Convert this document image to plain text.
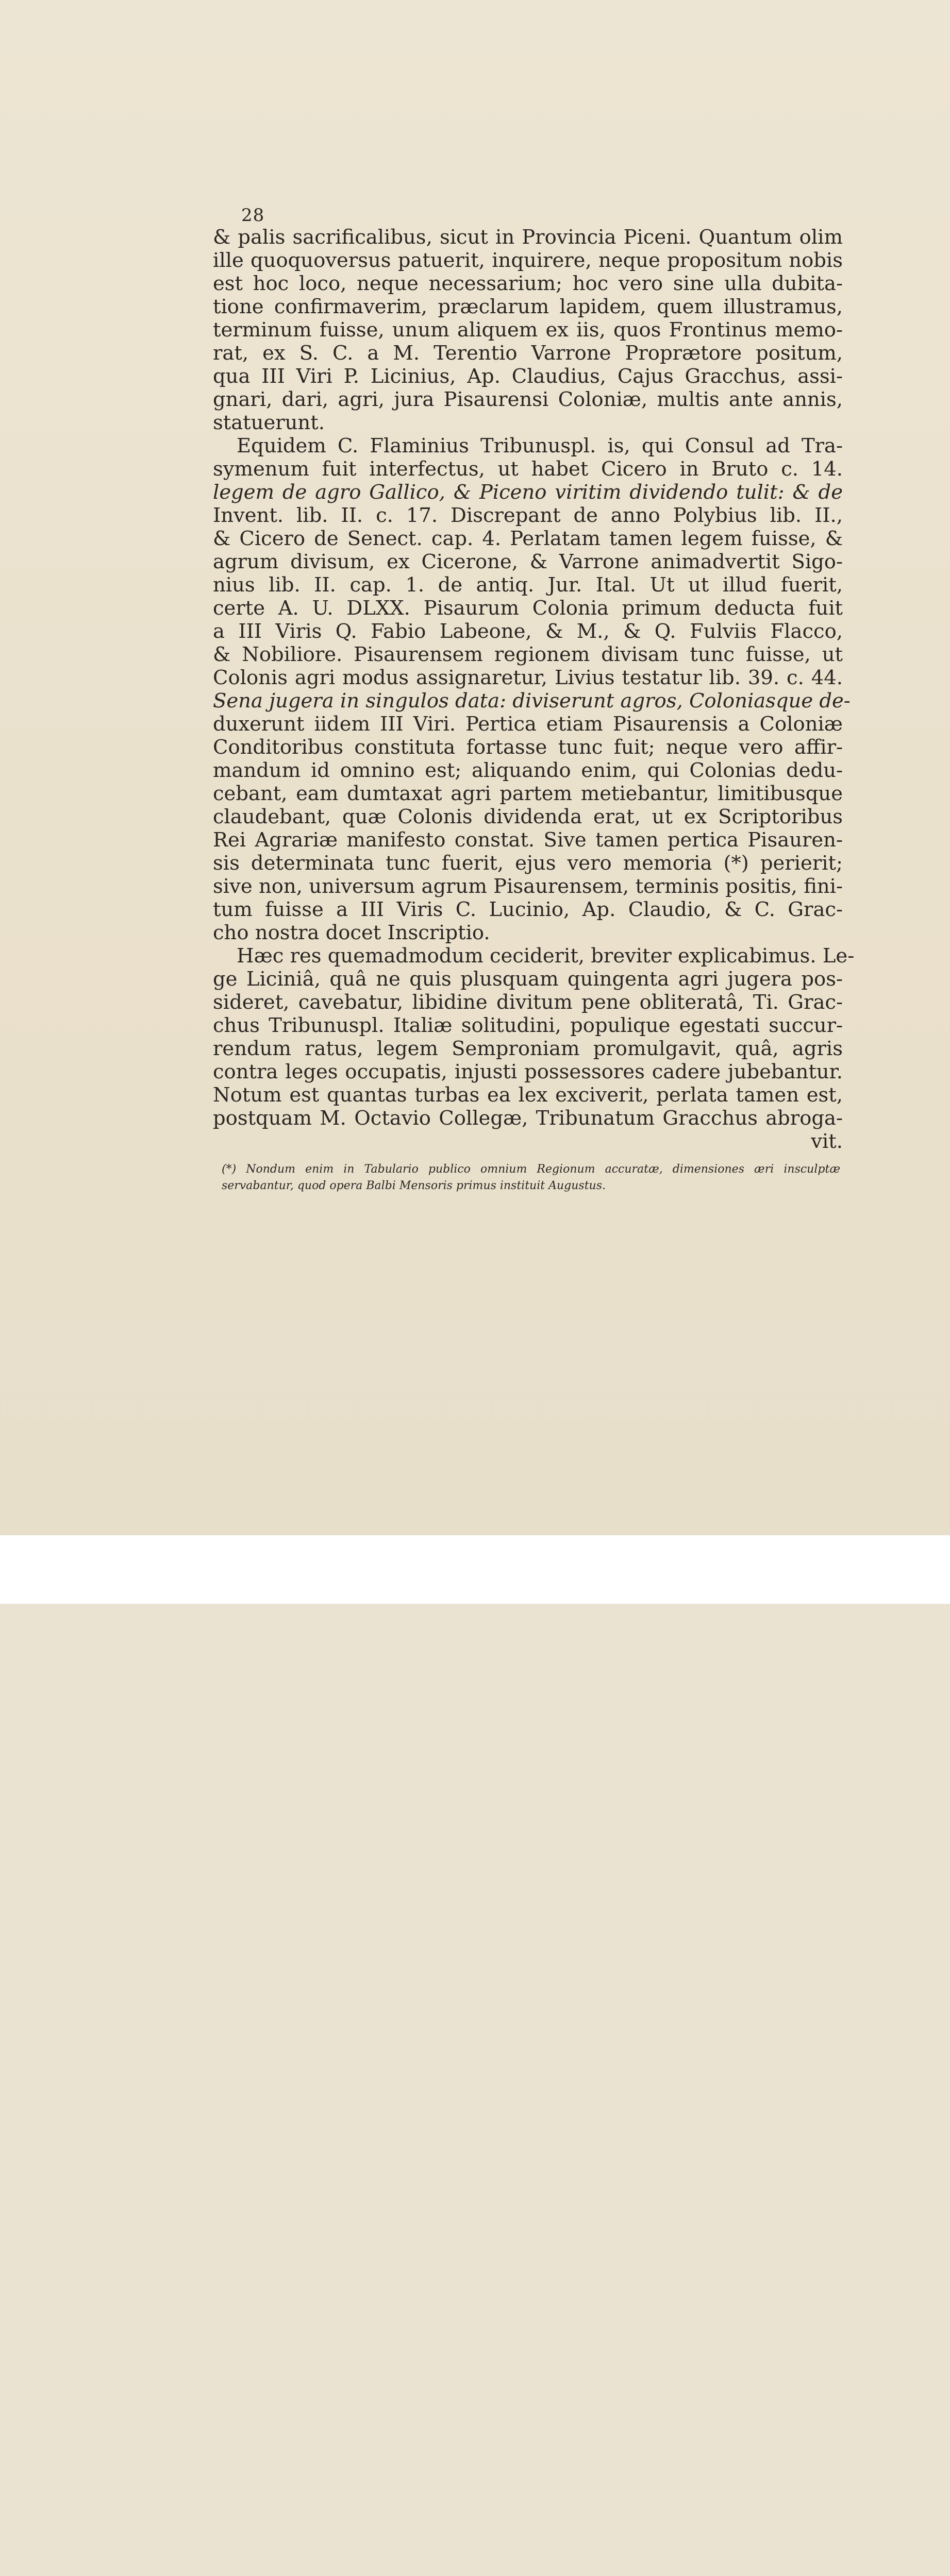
28
& palis sacrificalibus, sicut in Provincia Piceni. Quantum olim
ille quoquoversus patuerit, inquirere, neque propositum nobis
est hoc loco, neque necessarium; hoc vero sine ulla dubita-
tione confirmaverim, præclarum lapidem, quem illustramus,
terminum fuisse, unum aliquem ex iis, quos Frontinus memo-
rat, ex S. C. a M. Terentio Varrone Proprætore positum,
qua III Viri P. Licinius, Ap. Claudius, Cajus Gracchus, assi-
gnari, dari, agri, jura Pisaurensi Coloniæ, multis ante annis,
statuerunt.
Equidem C. Flaminius Tribunuspl. is, qui Consul ad Tra-
symenum fuit interfectus, ut habet Cicero in Bruto c. 14.
legem de agro Gallico, & Piceno viritim dividendo tulit: & de
Invent. lib. II. c. 17. Discrepant de anno Polybius lib. II.,
& Cicero de Senect. cap. 4. Perlatam tamen legem fuisse, &
agrum divisum, ex Cicerone, & Varrone animadvertit Sigo-
nius lib. II. cap. 1. de antiq. Jur. Ital. Ut ut illud fuerit,
certe A. U. DLXX. Pisaurum Colonia primum deducta fuit
a III Viris Q. Fabio Labeone, & M., & Q. Fulviis Flacco,
& Nobiliore. Pisaurensem regionem divisam tunc fuisse, ut
Colonis agri modus assignaretur, Livius testatur lib. 39. c. 44.
Sena jugera in singulos data: diviserunt agros, Coloniasque de-
duxerunt iidem III Viri. Pertica etiam Pisaurensis a Coloniæ
Conditoribus constituta fortasse tunc fuit; neque vero affir-
mandum id omnino est; aliquando enim, qui Colonias dedu-
cebant, eam dumtaxat agri partem metiebantur, limitibusque
claudebant, quæ Colonis dividenda erat, ut ex Scriptoribus
Rei Agrariæ manifesto constat. Sive tamen pertica Pisauren-
sis determinata tunc fuerit, ejus vero memoria (*) perierit;
sive non, universum agrum Pisaurensem, terminis positis, fini-
tum fuisse a III Viris C. Lucinio, Ap. Claudio, & C. Grac-
cho nostra docet Inscriptio.
Hæc res quemadmodum ceciderit, breviter explicabimus. Le-
ge Liciniâ, quâ ne quis plusquam quingenta agri jugera pos-
sideret, cavebatur, libidine divitum pene obliteratâ, Ti. Grac-
chus Tribunuspl. Italiæ solitudini, populique egestati succur-
rendum ratus, legem Semproniam promulgavit, quâ, agris
contra leges occupatis, injusti possessores cadere jubebantur.
Notum est quantas turbas ea lex exciverit, perlata tamen est,
postquam M. Octavio Collegæ, Tribunatum Gracchus abroga-
vit.
(*) Nondum enim in Tabulario publico omnium Regionum accuratæ, dimensiones æri insculptæ
servabantur, quod opera Balbi Mensoris primus instituit Augustus.
